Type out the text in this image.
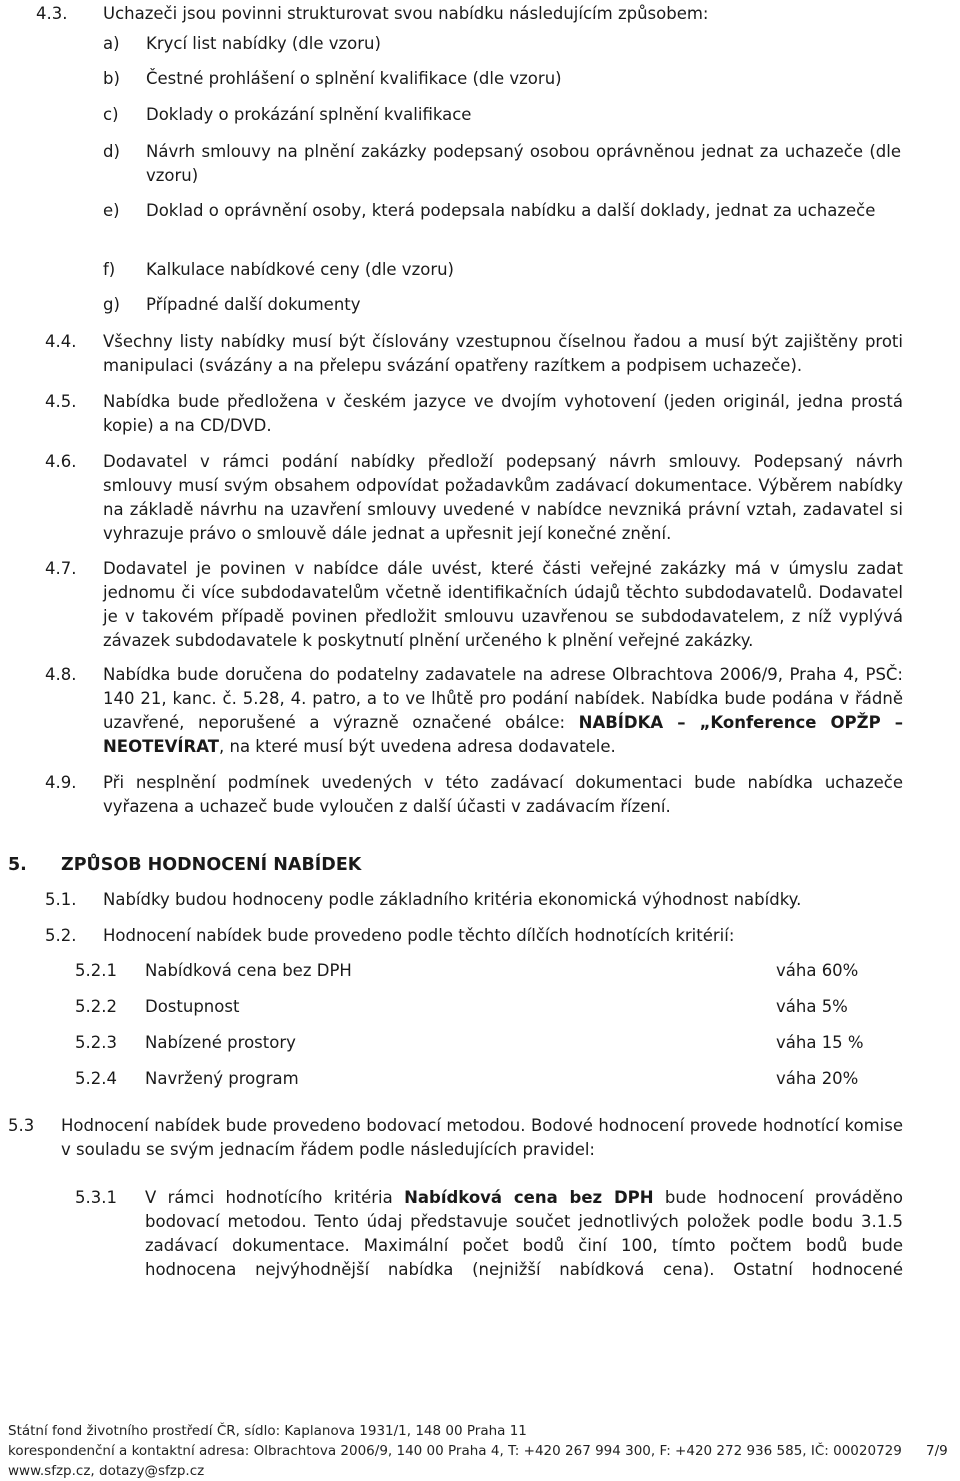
4.3. Uchazeči jsou povinni strukturovat svou nabídku následujícím způsobem:
a) Krycí list nabídky (dle vzoru)
b) Čestné prohlášení o splnění kvalifikace (dle vzoru)
c) Doklady o prokázání splnění kvalifikace
d) Návrh smlouvy na plnění zakázky podepsaný osobou oprávněnou jednat za uchazeče (dle vzoru)
e) Doklad o oprávnění osoby, která podepsala nabídku a další doklady, jednat za uchazeče
f) Kalkulace nabídkové ceny (dle vzoru)
g) Případné další dokumenty
4.4. Všechny listy nabídky musí být číslovány vzestupnou číselnou řadou a musí být zajištěny proti manipulaci (svázány a na přelepu svázání opatřeny razítkem a podpisem uchazeče).
4.5. Nabídka bude předložena v českém jazyce ve dvojím vyhotovení (jeden originál, jedna prostá kopie) a na CD/DVD.
4.6. Dodavatel v rámci podání nabídky předloží podepsaný návrh smlouvy. Podepsaný návrh smlouvy musí svým obsahem odpovídat požadavkům zadávací dokumentace. Výběrem nabídky na základě návrhu na uzavření smlouvy uvedené v nabídce nevzniká právní vztah, zadavatel si vyhrazuje právo o smlouvě dále jednat a upřesnit její konečné znění.
4.7. Dodavatel je povinen v nabídce dále uvést, které části veřejné zakázky má v úmyslu zadat jednomu či více subdodavatelům včetně identifikačních údajů těchto subdodavatelů. Dodavatel je v takovém případě povinen předložit smlouvu uzavřenou se subdodavatelem, z níž vyplývá závazek subdodavatele k poskytnutí plnění určeného k plnění veřejné zakázky.
4.8. Nabídka bude doručena do podatelny zadavatele na adrese Olbrachtova 2006/9, Praha 4, PSČ: 140 21, kanc. č. 5.28, 4. patro, a to ve lhůtě pro podání nabídek. Nabídka bude podána v řádně uzavřené, neporušené a výrazně označené obálce: NABÍDKA – „Konference OPŽP – NEOTEVÍRAT, na které musí být uvedena adresa dodavatele.
4.9. Při nesplnění podmínek uvedených v této zadávací dokumentaci bude nabídka uchazeče vyřazena a uchazeč bude vyloučen z další účasti v zadávacím řízení.
5. ZPŮSOB HODNOCENÍ NABÍDEK
5.1. Nabídky budou hodnoceny podle základního kritéria ekonomická výhodnost nabídky.
5.2. Hodnocení nabídek bude provedeno podle těchto dílčích hodnotících kritérií:
5.2.1 Nabídková cena bez DPH	váha 60%
5.2.2 Dostupnost	váha 5%
5.2.3 Nabízené prostory	váha 15 %
5.2.4 Navržený program	váha 20%
5.3 Hodnocení nabídek bude provedeno bodovací metodou. Bodové hodnocení provede hodnotící komise v souladu se svým jednacím řádem podle následujících pravidel:
5.3.1 V rámci hodnotícího kritéria Nabídková cena bez DPH bude hodnocení prováděno bodovací metodou. Tento údaj představuje součet jednotlivých položek podle bodu 3.1.5 zadávací dokumentace. Maximální počet bodů činí 100, tímto počtem bodů bude hodnocena nejvýhodnější nabídka (nejnižší nabídková cena). Ostatní hodnocené
Státní fond životního prostředí ČR, sídlo: Kaplanova 1931/1, 148 00 Praha 11
korespondenční a kontaktní adresa: Olbrachtova 2006/9, 140 00 Praha 4, T: +420 267 994 300, F: +420 272 936 585, IČ: 00020729
www.sfzp.cz, dotazy@sfzp.cz
7/9
